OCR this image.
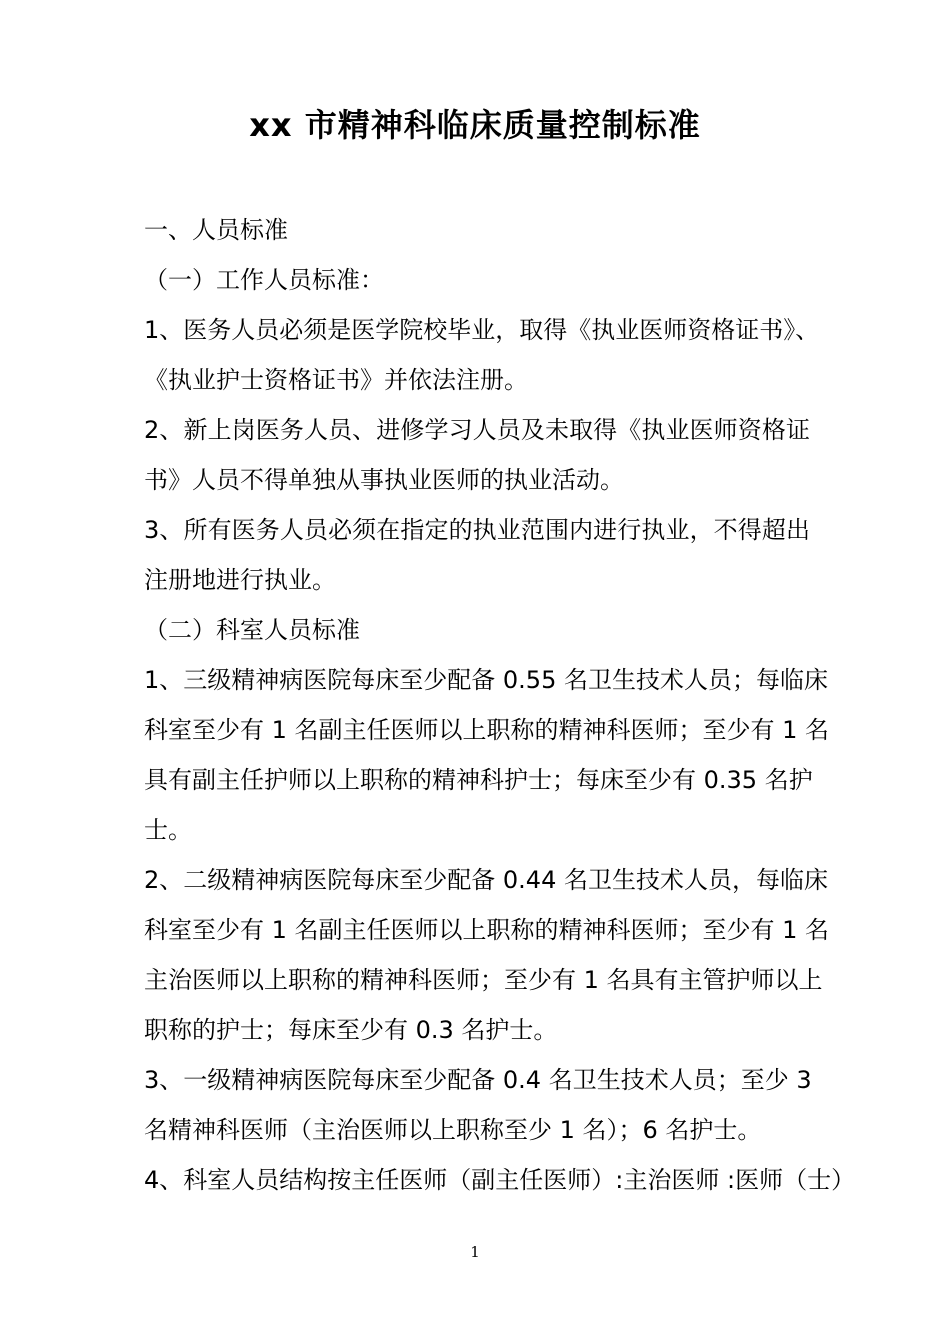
xx 市精神科临床质量控制标准
一、人员标准
（一）工作人员标准：
1、医务人员必须是医学院校毕业，取得《执业医师资格证书》、
《执业护士资格证书》并依法注册。
2、新上岗医务人员、进修学习人员及未取得《执业医师资格证
书》人员不得单独从事执业医师的执业活动。
3、所有医务人员必须在指定的执业范围内进行执业，不得超出
注册地进行执业。
（二）科室人员标准
1、三级精神病医院每床至少配备 0.55 名卫生技术人员；每临床
科室至少有 1 名副主任医师以上职称的精神科医师；至少有 1 名
具有副主任护师以上职称的精神科护士；每床至少有 0.35 名护
士。
2、二级精神病医院每床至少配备 0.44 名卫生技术人员，每临床
科室至少有 1 名副主任医师以上职称的精神科医师；至少有 1 名
主治医师以上职称的精神科医师；至少有 1 名具有主管护师以上
职称的护士；每床至少有 0.3 名护士。
3、一级精神病医院每床至少配备 0.4 名卫生技术人员；至少 3
名精神科医师（主治医师以上职称至少 1 名）；6 名护士。
4、科室人员结构按主任医师（副主任医师）:主治医师 :医师（士）
1
